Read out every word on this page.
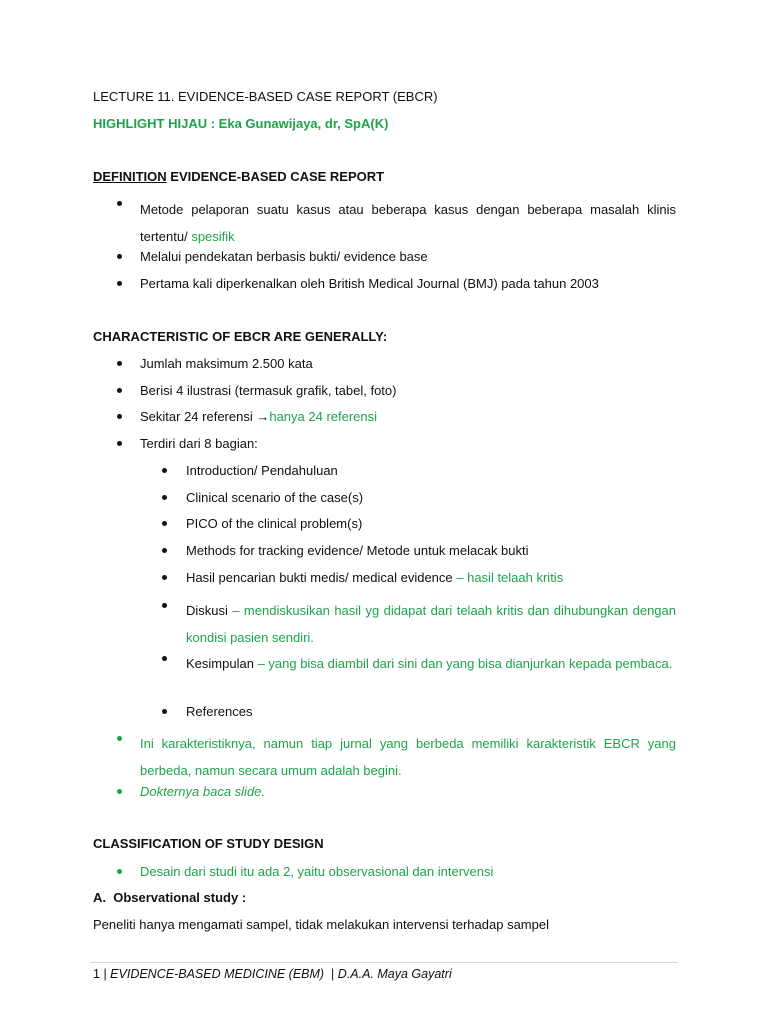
LECTURE 11. EVIDENCE-BASED CASE REPORT (EBCR)
HIGHLIGHT HIJAU : Eka Gunawijaya, dr, SpA(K)
DEFINITION EVIDENCE-BASED CASE REPORT
Metode pelaporan suatu kasus atau beberapa kasus dengan beberapa masalah klinis tertentu/ spesifik
Melalui pendekatan berbasis bukti/ evidence base
Pertama kali diperkenalkan oleh British Medical Journal (BMJ) pada tahun 2003
CHARACTERISTIC OF EBCR ARE GENERALLY:
Jumlah maksimum 2.500 kata
Berisi 4 ilustrasi (termasuk grafik, tabel, foto)
Sekitar 24 referensi →hanya 24 referensi
Terdiri dari 8 bagian:
Introduction/ Pendahuluan
Clinical scenario of the case(s)
PICO of the clinical problem(s)
Methods for tracking evidence/ Metode untuk melacak bukti
Hasil pencarian bukti medis/ medical evidence – hasil telaah kritis
Diskusi – mendiskusikan hasil yg didapat dari telaah kritis dan dihubungkan dengan kondisi pasien sendiri.
Kesimpulan – yang bisa diambil dari sini dan yang bisa dianjurkan kepada pembaca.
References
Ini karakteristiknya, namun tiap jurnal yang berbeda memiliki karakteristik EBCR yang berbeda, namun secara umum adalah begini.
Dokternya baca slide.
CLASSIFICATION OF STUDY DESIGN
Desain dari studi itu ada 2, yaitu observasional dan intervensi
A.  Observational study :
Peneliti hanya mengamati sampel, tidak melakukan intervensi terhadap sampel
1 | EVIDENCE-BASED MEDICINE (EBM)  | D.A.A. Maya Gayatri
